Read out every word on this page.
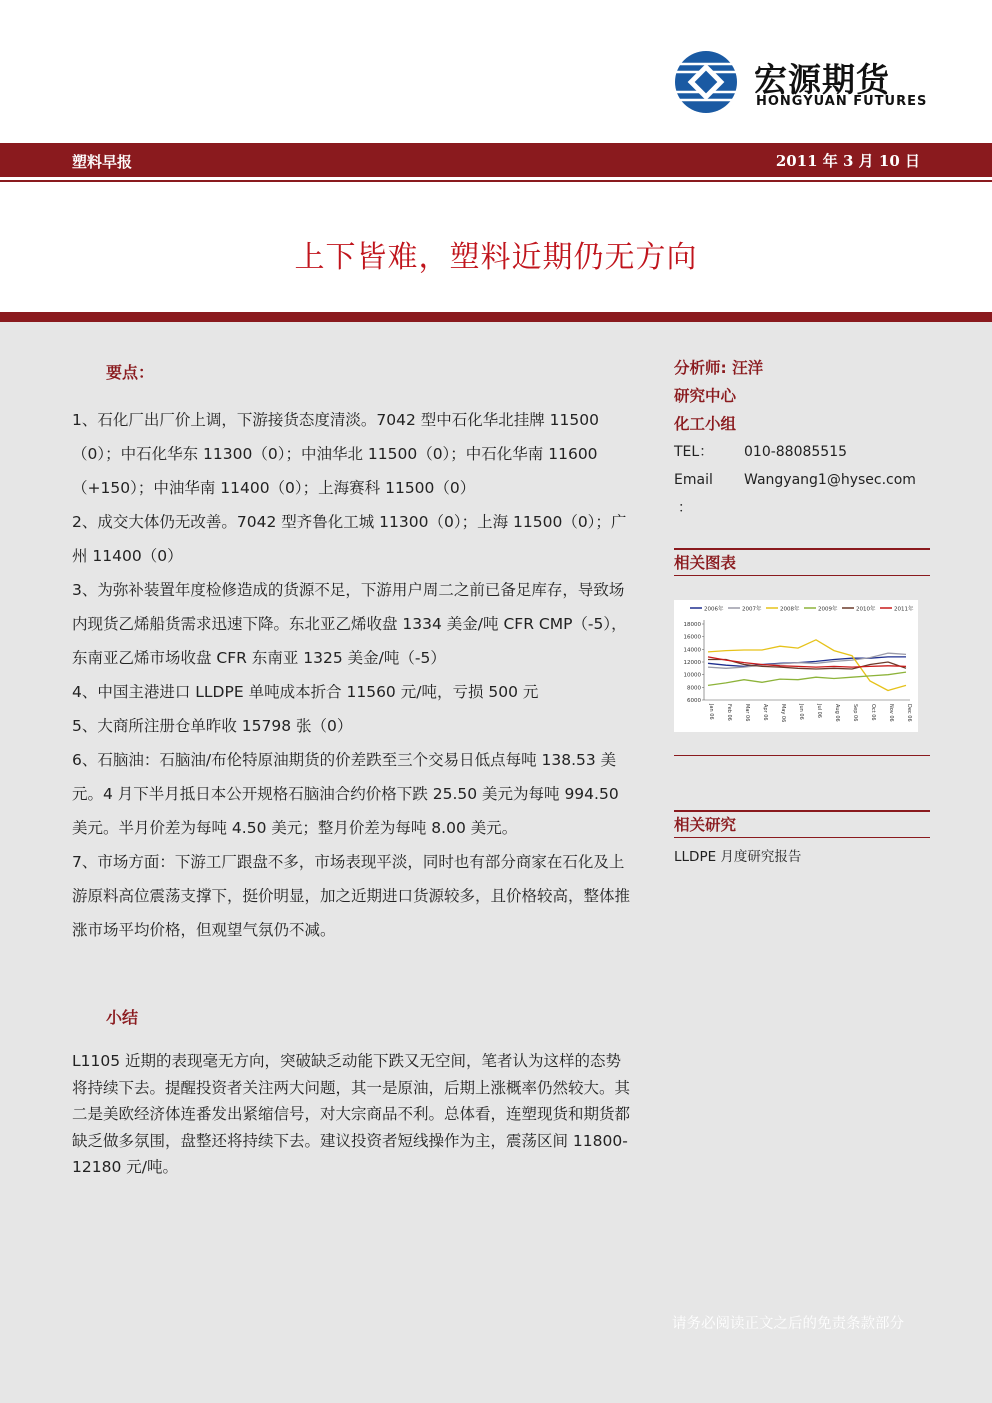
宏源期货
HONGYUAN FUTURES
塑料早报	2011 年 3 月 10 日
上下皆难，塑料近期仍无方向
要点：

1、石化厂出厂价上调，下游接货态度清淡。7042 型中石化华北挂牌 11500（0）；中石化华东 11300（0）；中油华北 11500（0）；中石化华南 11600（+150）；中油华南 11400（0）；上海赛科 11500（0）

2、成交大体仍无改善。7042 型齐鲁化工城 11300（0）；上海 11500（0）；广州 11400（0）

3、为弥补装置年度检修造成的货源不足，下游用户周二之前已备足库存，导致场内现货乙烯船货需求迅速下降。东北亚乙烯收盘 1334 美金/吨 CFR CMP（-5），东南亚乙烯市场收盘 CFR 东南亚 1325 美金/吨（-5）

4、中国主港进口 LLDPE 单吨成本折合 11560 元/吨，亏损 500 元

5、大商所注册仓单昨收 15798 张（0）

6、石脑油：石脑油/布伦特原油期货的价差跌至三个交易日低点每吨 138.53 美元。4 月下半月抵日本公开规格石脑油合约价格下跌 25.50 美元为每吨 994.50 美元。半月价差为每吨 4.50 美元；整月价差为每吨 8.00 美元。

7、市场方面：下游工厂跟盘不多，市场表现平淡，同时也有部分商家在石化及上游原料高位震荡支撑下，挺价明显，加之近期进口货源较多，且价格较高，整体推涨市场平均价格，但观望气氛仍不减。

小结

L1105 近期的表现毫无方向，突破缺乏动能下跌又无空间，笔者认为这样的态势将持续下去。提醒投资者关注两大问题，其一是原油，后期上涨概率仍然较大。其二是美欧经济体连番发出紧缩信号，对大宗商品不利。总体看，连塑现货和期货都缺乏做多氛围，盘整还将持续下去。建议投资者短线操作为主，震荡区间 11800-12180 元/吨。

分析师: 汪洋
研究中心
化工小组
TEL： 010-88085515
Email Wangyang1@hysec.com
：
相关图表
2006年	2007年	2008年	2009年	2010年	2011年
18000
16000
14000
12000
10000
8000
6000
Jan 06 Feb 06 Mar 06 Apr 06 May 06 Jun 06 Jul 06 Aug 06 Sep 06 Oct 06 Nov 06 Dec 06
相关研究
LLDPE 月度研究报告
请务必阅读正文之后的免责条款部分
